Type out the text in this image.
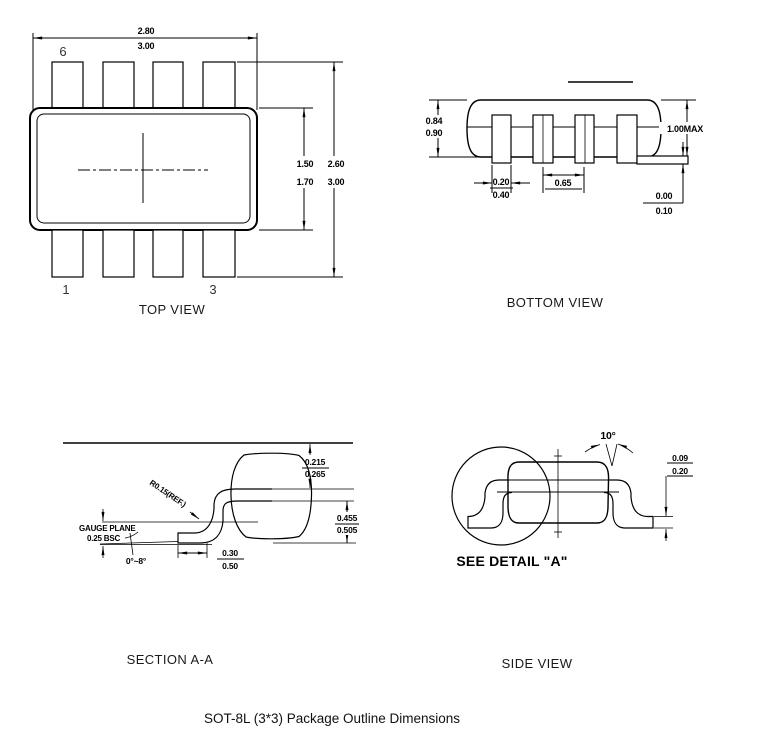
2.80
3.00
6
1	3
1.50
1.70
2.60
3.00
TOP VIEW
0.84
0.90	1.00MAX
0.00
0.10
0.20
0.40
0.65
BOTTOM VIEW
GAUGE PLANE
0.25 BSC
0°~8°
R0.15(REF.)
0.30
0.50
0.215
0.265
0.455
0.505
SECTION A-A
SEE DETAIL "A"
10°
0.09
0.20
SIDE VIEW
SOT-8L (3*3) Package Outline Dimensions
